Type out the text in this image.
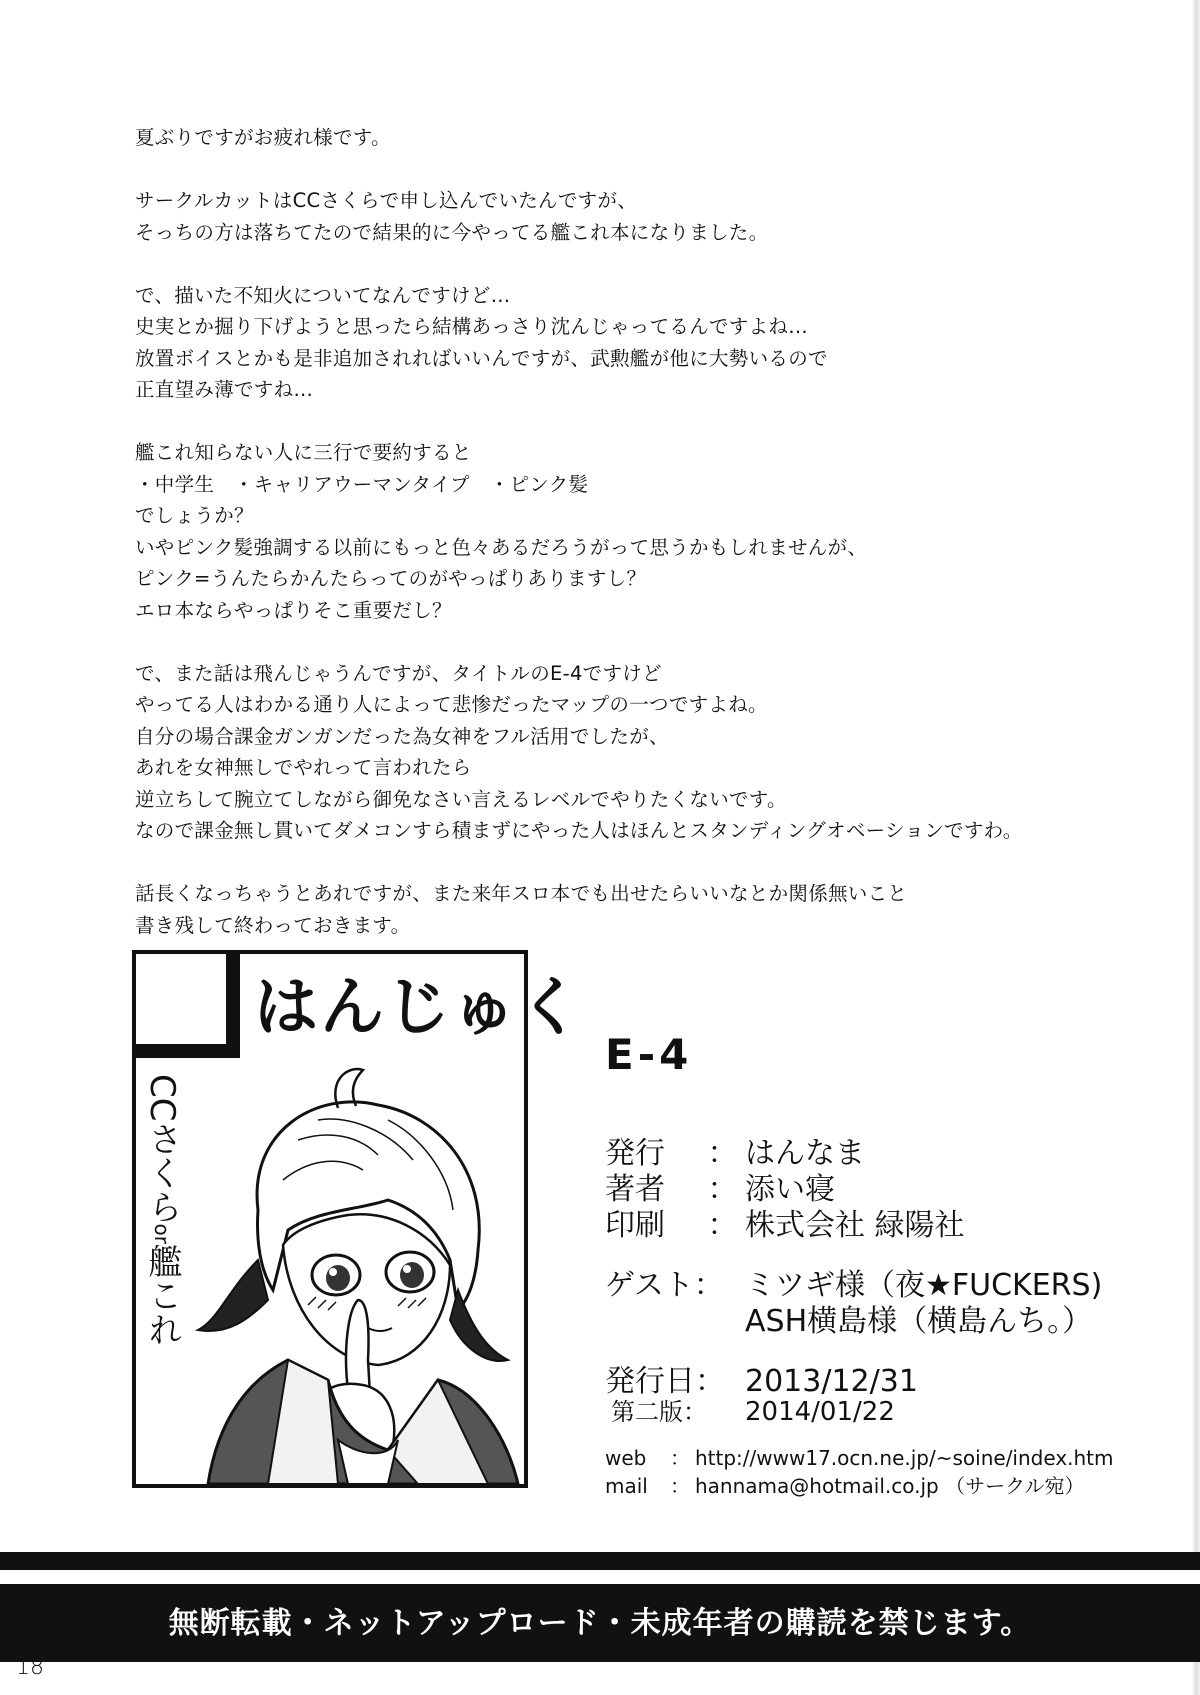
夏ぶりですがお疲れ様です。
サークルカットはCCさくらで申し込んでいたんですが、
そっちの方は落ちてたので結果的に今やってる艦これ本になりました。
で、描いた不知火についてなんですけど…
史実とか掘り下げようと思ったら結構あっさり沈んじゃってるんですよね…
放置ボイスとかも是非追加されればいいんですが、武勲艦が他に大勢いるので
正直望み薄ですね…
艦これ知らない人に三行で要約すると
・中学生　・キャリアウーマンタイプ　・ピンク髪
でしょうか？
いやピンク髪強調する以前にもっと色々あるだろうがって思うかもしれませんが、
ピンク=うんたらかんたらってのがやっぱりありますし？
エロ本ならやっぱりそこ重要だし？
で、また話は飛んじゃうんですが、タイトルのE-4ですけど
やってる人はわかる通り人によって悲惨だったマップの一つですよね。
自分の場合課金ガンガンだった為女神をフル活用でしたが、
あれを女神無しでやれって言われたら
逆立ちして腕立てしながら御免なさい言えるレベルでやりたくないです。
なので課金無し貫いてダメコンすら積まずにやった人はほんとスタンディングオベーションですわ。
話長くなっちゃうとあれですが、また来年スロ本でも出せたらいいなとか関係無いこと
書き残して終わっておきます。
はんじゅく
CCさくらor艦これ
E-4
発行 ： はんなま
著者 ： 添い寝
印刷 ： 株式会社 緑陽社
ゲスト： ミツギ様（夜★FUCKERS)
ASH横島様（横島んち。）
発行日： 2013/12/31
第二版： 2014/01/22
web ： http://www17.ocn.ne.jp/~soine/index.htm
mail ： hannama@hotmail.co.jp （サークル宛）
無断転載・ネットアップロード・未成年者の購読を禁じます。
18
